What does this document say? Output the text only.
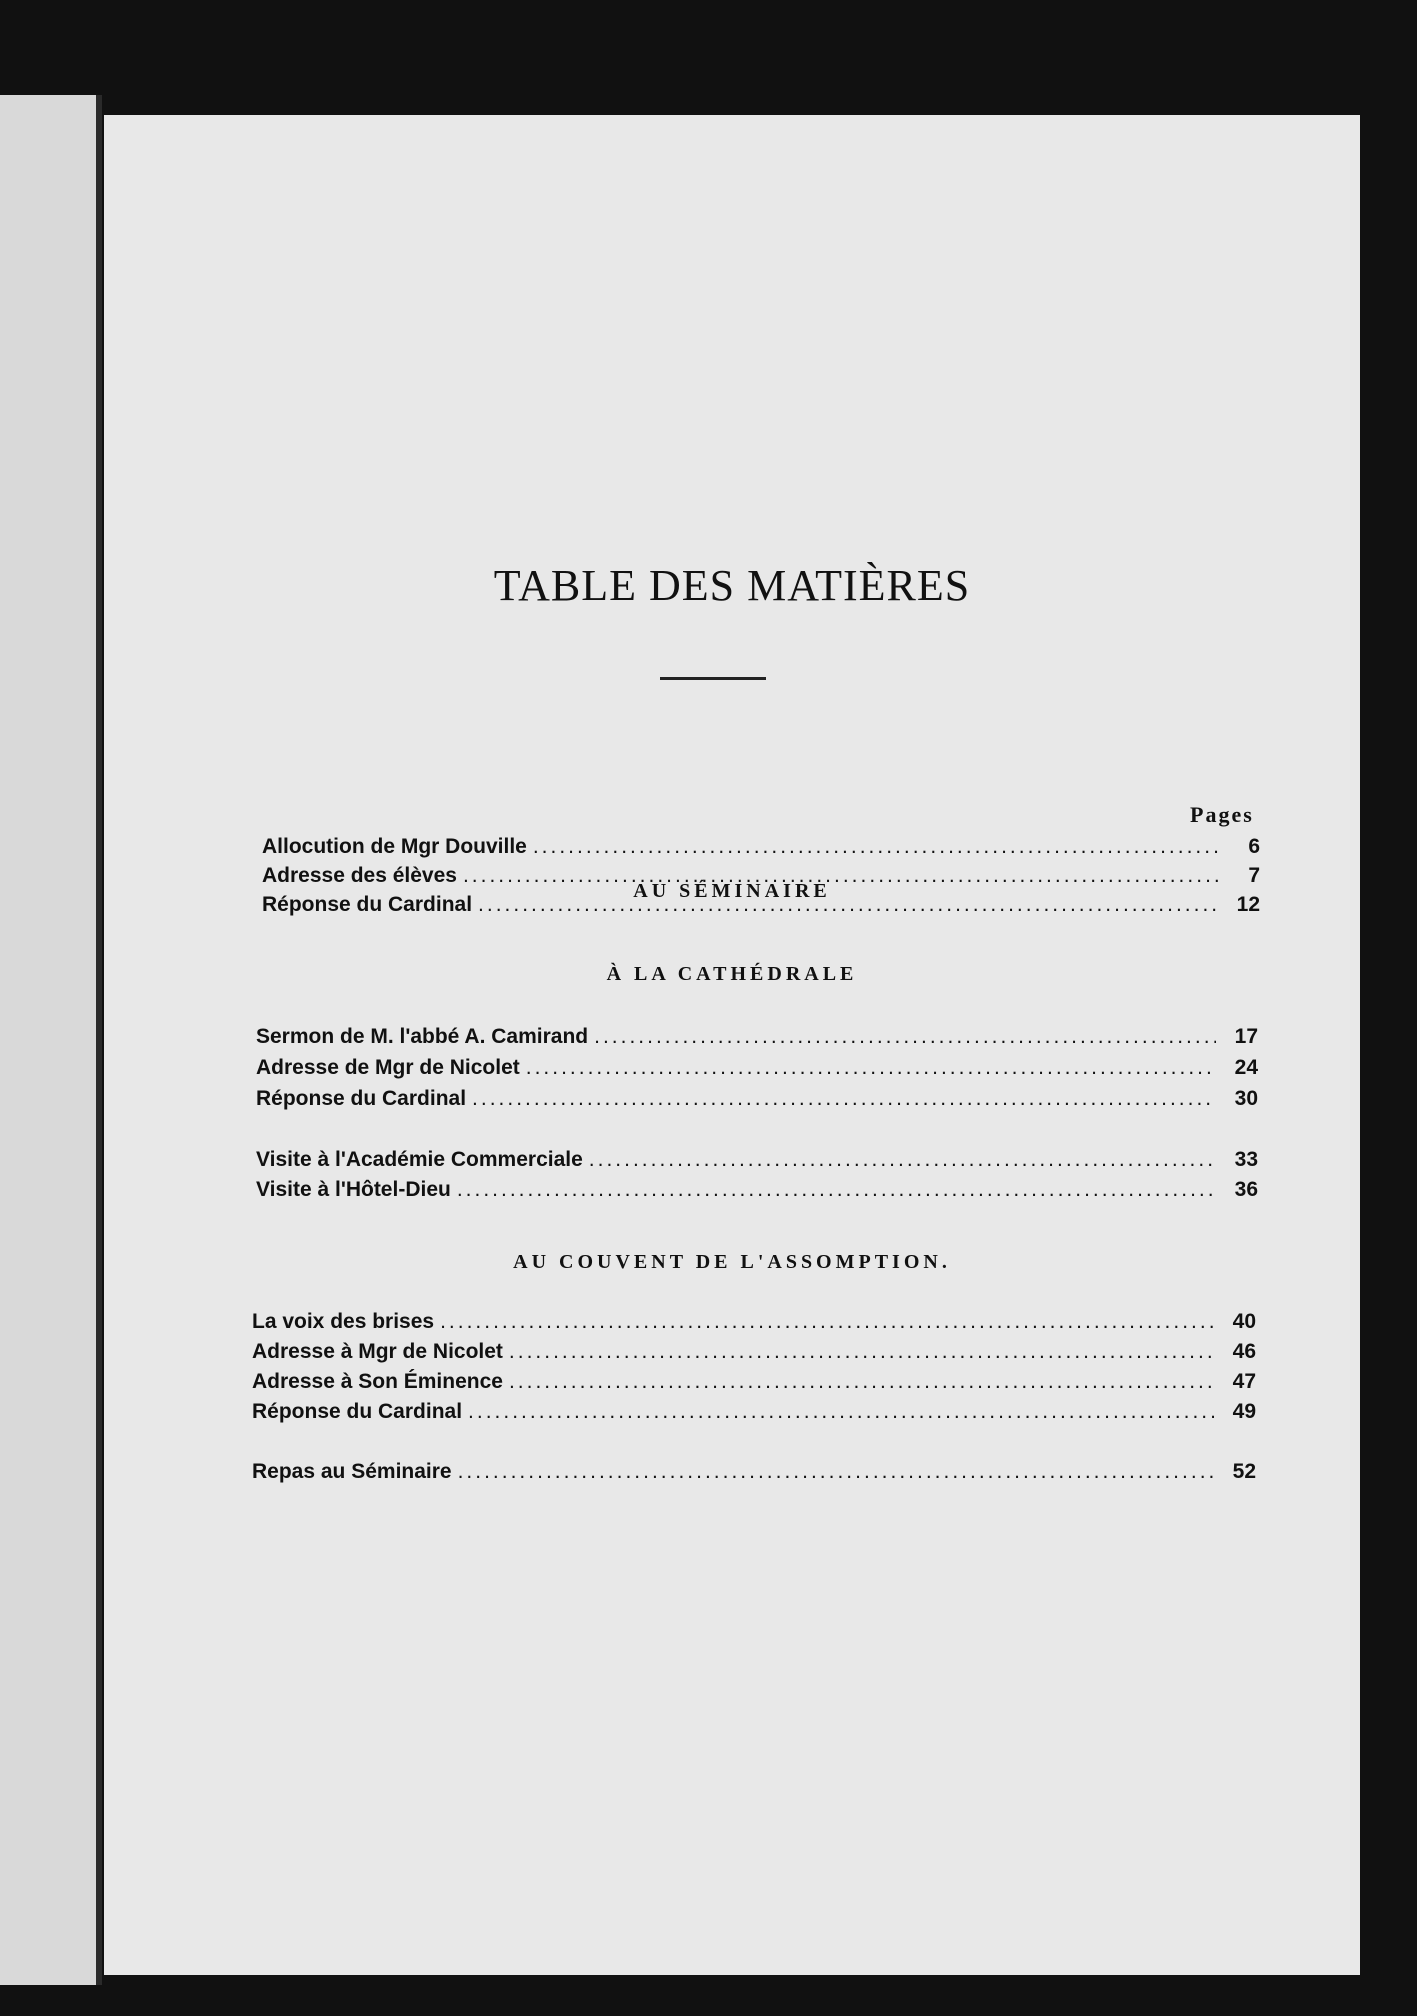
TABLE DES MATIÈRES
AU SÉMINAIRE
Pages
Allocution de Mgr Douville .....	6
Adresse des élèves .....	7
Réponse du Cardinal .....	12
À LA CATHÉDRALE
Sermon de M. l'abbé A. Camirand .....	17
Adresse de Mgr de Nicolet .....	24
Réponse du Cardinal .....	30
Visite à l'Académie Commerciale .....	33
Visite à l'Hôtel-Dieu .....	36
AU COUVENT DE L'ASSOMPTION.
La voix des brises .....	40
Adresse à Mgr de Nicolet .....	46
Adresse à Son Éminence .....	47
Réponse du Cardinal .....	49
Repas au Séminaire .....	52
